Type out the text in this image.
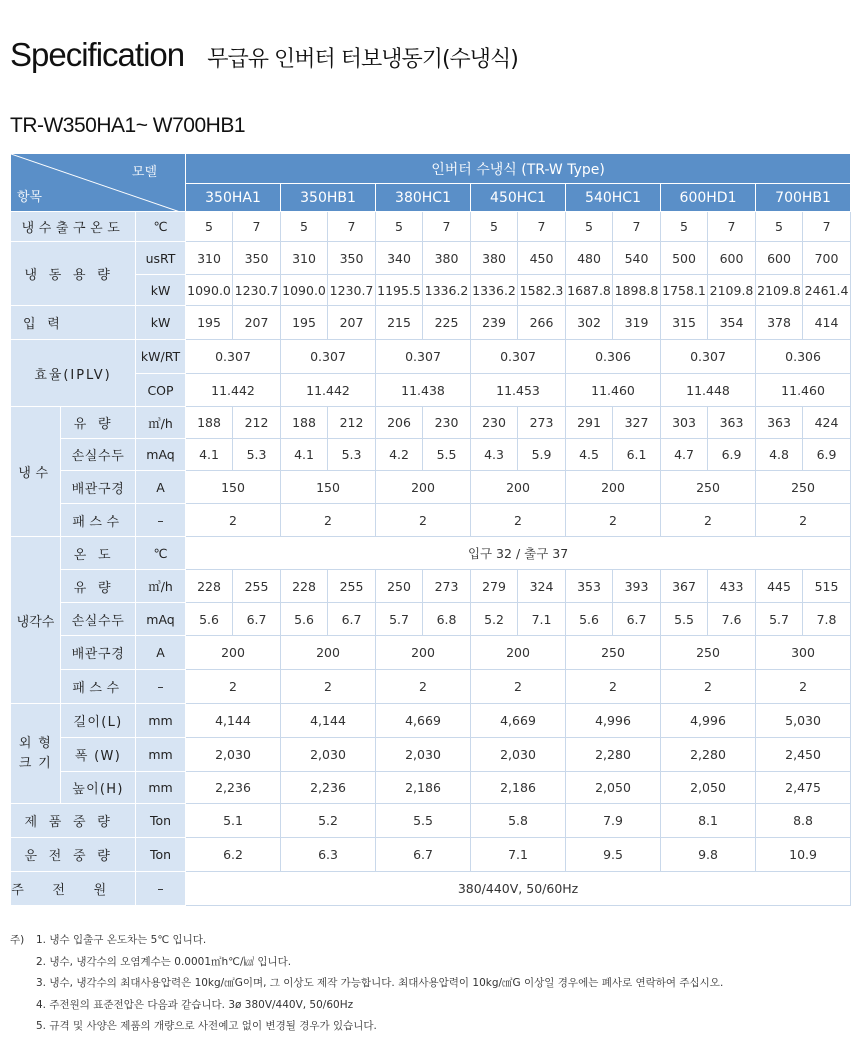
Specification 무급유 인버터 터보냉동기(수냉식)
TR-W350HA1~ W700HB1
모델
항목			인버터 수냉식 (TR-W Type)													
			350HA1		350HB1		380HC1		450HC1		540HC1		600HD1		700HB1	
냉수출구온도		℃	5	7	5	7	5	7	5	7	5	7	5	7	5	7
냉동용량		usRT	310	350	310	350	340	380	380	450	480	540	500	600	600	700
		kW	1090.0	1230.7	1090.0	1230.7	1195.5	1336.2	1336.2	1582.3	1687.8	1898.8	1758.1	2109.8	2109.8	2461.4
입력		kW	195	207	195	207	215	225	239	266	302	319	315	354	378	414
효율(IPLV)		kW/RT	0.307		0.307		0.307		0.307		0.306		0.307		0.306	
		COP	11.442		11.442		11.438		11.453		11.460		11.448		11.460	
냉수	유량	㎥/h	188	212	188	212	206	230	230	273	291	327	303	363	363	424
	손실수두	mAq	4.1	5.3	4.1	5.3	4.2	5.5	4.3	5.9	4.5	6.1	4.7	6.9	4.8	6.9
	배관구경	A	150		150		200		200		200		250		250	
	패스수	–	2		2		2		2		2		2		2	
냉각수	온도	℃	입구 32 / 출구 37													
	유량	㎥/h	228	255	228	255	250	273	279	324	353	393	367	433	445	515
	손실수두	mAq	5.6	6.7	5.6	6.7	5.7	6.8	5.2	7.1	5.6	6.7	5.5	7.6	5.7	7.8
	배관구경	A	200		200		200		200		250		250		300	
	패스수	–	2		2		2		2		2		2		2	

외 형
크 기	길이(L)	mm	4,144		4,144		4,669		4,669		4,996		4,996		5,030	
	폭 (W)	mm	2,030		2,030		2,030		2,030		2,280		2,280		2,450	
	높이(H)	mm	2,236		2,236		2,186		2,186		2,050		2,050		2,475	
제품중량		Ton	5.1		5.2		5.5		5.8		7.9		8.1		8.8	
운전중량		Ton	6.2		6.3		6.7		7.1		9.5		9.8		10.9	
주전원		–	380/440V, 50/60Hz													
1. 냉수 입출구 온도차는 5℃ 입니다.
2. 냉수, 냉각수의 오염계수는 0.0001㎡h℃/㎉ 입니다.
3. 냉수, 냉각수의 최대사용압력은 10kg/㎠G이며, 그 이상도 제작 가능합니다. 최대사용압력이 10kg/㎠G 이상일 경우에는 폐사로 연락하여 주십시오.
4. 주전원의 표준전압은 다음과 같습니다. 3ø 380V/440V, 50/60Hz
5. 규격 및 사양은 제품의 개량으로 사전예고 없이 변경될 경우가 있습니다.
주)
